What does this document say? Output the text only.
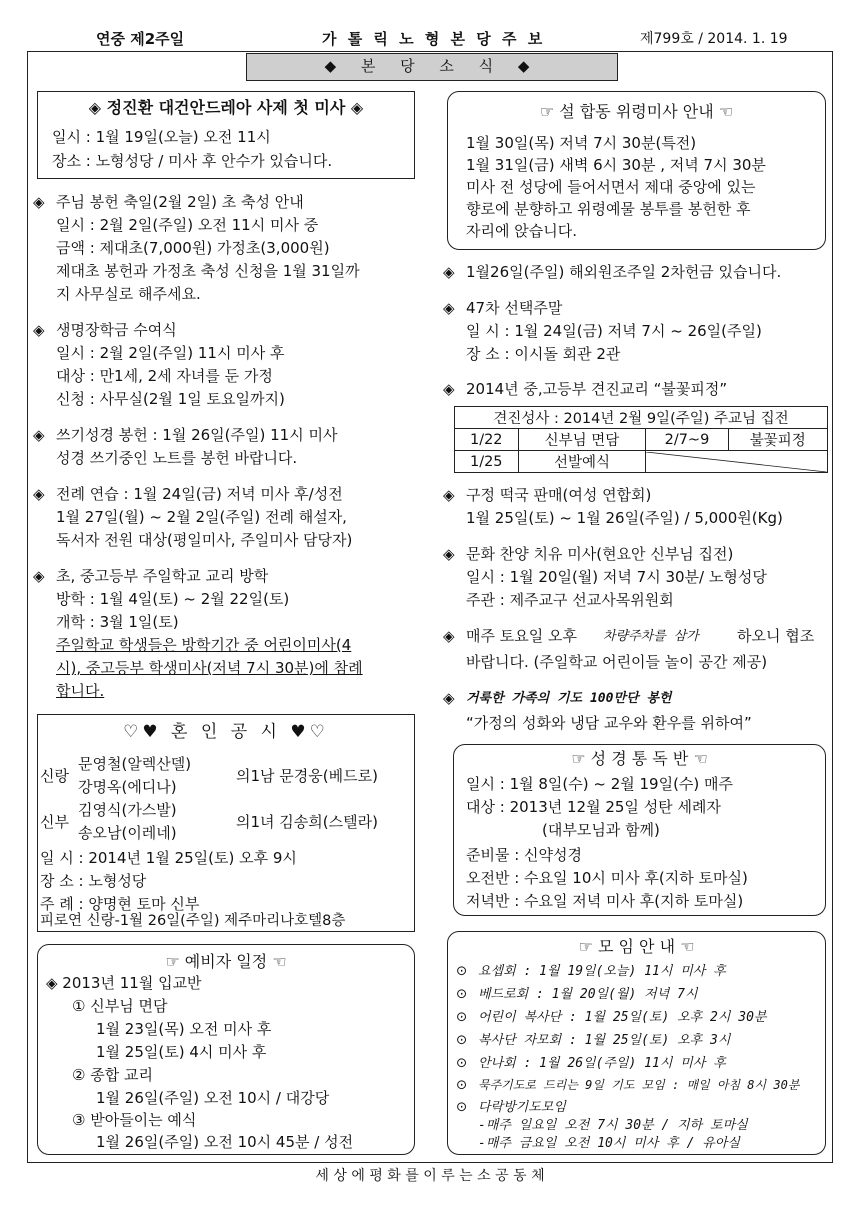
연중 제2주일	가 톨 릭 노 형 본 당 주 보	제799호 / 2014. 1. 19
◆ 본 당 소 식 ◆
◈ 정진환 대건안드레아 사제 첫 미사 ◈
일시 : 1월 19일(오늘) 오전 11시
장소 : 노형성당 / 미사 후 안수가 있습니다.
◈ 주님 봉헌 축일(2월 2일) 초 축성 안내
일시 : 2월 2일(주일) 오전 11시 미사 중
금액 : 제대초(7,000원) 가정초(3,000원)
제대초 봉헌과 가정초 축성 신청을 1월 31일까
지 사무실로 해주세요.
◈ 생명장학금 수여식
일시 : 2월 2일(주일) 11시 미사 후
대상 : 만1세, 2세 자녀를 둔 가정
신청 : 사무실(2월 1일 토요일까지)
◈ 쓰기성경 봉헌 : 1월 26일(주일) 11시 미사
성경 쓰기중인 노트를 봉헌 바랍니다.
◈ 전례 연습 : 1월 24일(금) 저녁 미사 후/성전
1월 27일(월) ~ 2월 2일(주일) 전례 해설자,
독서자 전원 대상(평일미사, 주일미사 담당자)
◈ 초, 중고등부 주일학교 교리 방학
방학 : 1월 4일(토) ~ 2월 22일(토)
개학 : 3월 1일(토)
주일학교 학생들은 방학기간 중 어린이미사(4
시), 중고등부 학생미사(저녁 7시 30분)에 참례
합니다.
♡♥ 혼 인 공 시 ♥♡
신랑
문영철(알렉산델)
강명옥(에디나)
의1남 문경웅(베드로)
신부
김영식(가스발)
송오남(이레네)
의1녀 김송희(스텔라)
일 시 : 2014년 1월 25일(토) 오후 9시
장 소 : 노형성당
주 례 : 양명현 토마 신부
피로연 신랑-1월 26일(주일) 제주마리나호텔8층
☞ 예비자 일정 ☜
◈ 2013년 11월 입교반
① 신부님 면담
1월 23일(목) 오전 미사 후
1월 25일(토) 4시 미사 후
② 종합 교리
1월 26일(주일) 오전 10시 / 대강당
③ 받아들이는 예식
1월 26일(주일) 오전 10시 45분 / 성전
☞ 설 합동 위령미사 안내 ☜
1월 30일(목) 저녁 7시 30분(특전)
1월 31일(금) 새벽 6시 30분 , 저녁 7시 30분
미사 전 성당에 들어서면서 제대 중앙에 있는
향로에 분향하고 위령예물 봉투를 봉헌한 후
자리에 앉습니다.
◈ 1월26일(주일) 해외원조주일 2차헌금 있습니다.
◈ 47차 선택주말
일 시 : 1월 24일(금) 저녁 7시 ~ 26일(주일)
장 소 : 이시돌 회관 2관
◈ 2014년 중,고등부 견진교리 “불꽃피정”
견진성사 : 2014년 2월 9일(주일) 주교님 집전			
1/22	신부님 면담	2/7~9	불꽃피정
1/25	선발예식	
◈ 구정 떡국 판매(여성 연합회)
1월 25일(토) ~ 1월 26일(주일) / 5,000원(Kg)
◈ 문화 찬양 치유 미사(현요안 신부님 집전)
일시 : 1월 20일(월) 저녁 7시 30분/ 노형성당
주관 : 제주교구 선교사목위원회
◈ 매주 토요일 오후 차량주차를 삼가	하오니 협조
바랍니다. (주일학교 어린이들 놀이 공간 제공)
◈ 거룩한 가족의 기도 100만단 봉헌
“가정의 성화와 냉담 교우와 환우를 위하여”
☞ 성 경 통 독 반 ☜
일시 : 1월 8일(수) ~ 2월 19일(수) 매주
대상 : 2013년 12월 25일 성탄 세례자
(대부모님과 함께)
준비물 : 신약성경
오전반 : 수요일 10시 미사 후(지하 토마실)
저녁반 : 수요일 저녁 미사 후(지하 토마실)
☞ 모 임 안 내 ☜
⊙ 요셉회 : 1월 19일(오늘) 11시 미사 후
⊙ 베드로회 : 1월 20일(월) 저녁 7시
⊙ 어린이 복사단 : 1월 25일(토) 오후 2시 30분
⊙ 복사단 자모회 : 1월 25일(토) 오후 3시
⊙ 안나회 : 1월 26일(주일) 11시 미사 후
⊙ 묵주기도로 드리는 9일 기도 모임 : 매일 아침 8시 30분
⊙ 다락방기도모임
-매주 일요일 오전 7시 30분 / 지하 토마실
-매주 금요일 오전 10시 미사 후 / 유아실
세 상 에 평 화 를 이 루 는 소 공 동 체
